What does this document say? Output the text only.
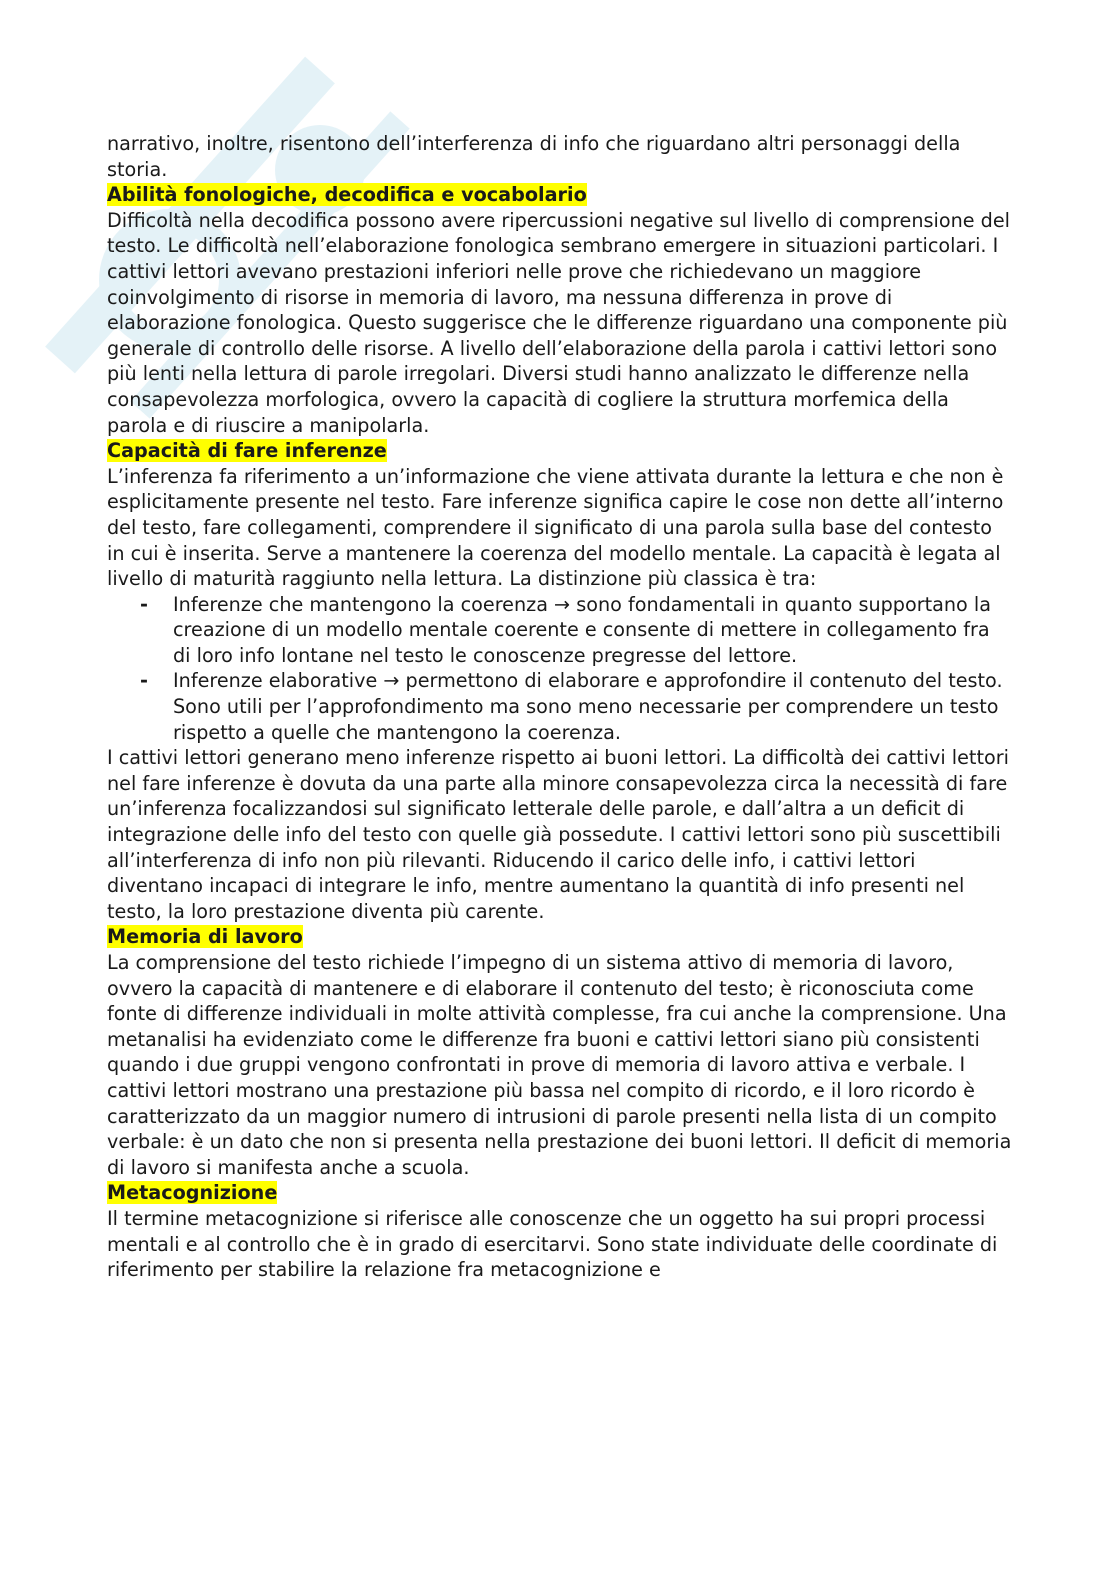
narrativo, inoltre, risentono dell’interferenza di info che riguardano altri personaggi della storia.

Abilità fonologiche, decodifica e vocabolario

Difficoltà nella decodifica possono avere ripercussioni negative sul livello di comprensione del testo. Le difficoltà nell’elaborazione fonologica sembrano emergere in situazioni particolari. I cattivi lettori avevano prestazioni inferiori nelle prove che richiedevano un maggiore coinvolgimento di risorse in memoria di lavoro, ma nessuna differenza in prove di elaborazione fonologica. Questo suggerisce che le differenze riguardano una componente più generale di controllo delle risorse. A livello dell’elaborazione della parola i cattivi lettori sono più lenti nella lettura di parole irregolari. Diversi studi hanno analizzato le differenze nella consapevolezza morfologica, ovvero la capacità di cogliere la struttura morfemica della parola e di riuscire a manipolarla.

Capacità di fare inferenze

L’inferenza fa riferimento a un’informazione che viene attivata durante la lettura e che non è esplicitamente presente nel testo. Fare inferenze significa capire le cose non dette all’interno del testo, fare collegamenti, comprendere il significato di una parola sulla base del contesto in cui è inserita. Serve a mantenere la coerenza del modello mentale. La capacità è legata al livello di maturità raggiunto nella lettura. La distinzione più classica è tra:

- Inferenze che mantengono la coerenza → sono fondamentali in quanto supportano la creazione di un modello mentale coerente e consente di mettere in collegamento fra di loro info lontane nel testo le conoscenze pregresse del lettore.
- Inferenze elaborative → permettono di elaborare e approfondire il contenuto del testo. Sono utili per l’approfondimento ma sono meno necessarie per comprendere un testo rispetto a quelle che mantengono la coerenza.

I cattivi lettori generano meno inferenze rispetto ai buoni lettori. La difficoltà dei cattivi lettori nel fare inferenze è dovuta da una parte alla minore consapevolezza circa la necessità di fare un’inferenza focalizzandosi sul significato letterale delle parole, e dall’altra a un deficit di integrazione delle info del testo con quelle già possedute. I cattivi lettori sono più suscettibili all’interferenza di info non più rilevanti. Riducendo il carico delle info, i cattivi lettori diventano incapaci di integrare le info, mentre aumentano la quantità di info presenti nel testo, la loro prestazione diventa più carente.

Memoria di lavoro

La comprensione del testo richiede l’impegno di un sistema attivo di memoria di lavoro, ovvero la capacità di mantenere e di elaborare il contenuto del testo; è riconosciuta come fonte di differenze individuali in molte attività complesse, fra cui anche la comprensione. Una metanalisi ha evidenziato come le differenze fra buoni e cattivi lettori siano più consistenti quando i due gruppi vengono confrontati in prove di memoria di lavoro attiva e verbale. I cattivi lettori mostrano una prestazione più bassa nel compito di ricordo, e il loro ricordo è caratterizzato da un maggior numero di intrusioni di parole presenti nella lista di un compito verbale: è un dato che non si presenta nella prestazione dei buoni lettori. Il deficit di memoria di lavoro si manifesta anche a scuola.

Metacognizione

Il termine metacognizione si riferisce alle conoscenze che un oggetto ha sui propri processi mentali e al controllo che è in grado di esercitarvi. Sono state individuate delle coordinate di riferimento per stabilire la relazione fra metacognizione e
